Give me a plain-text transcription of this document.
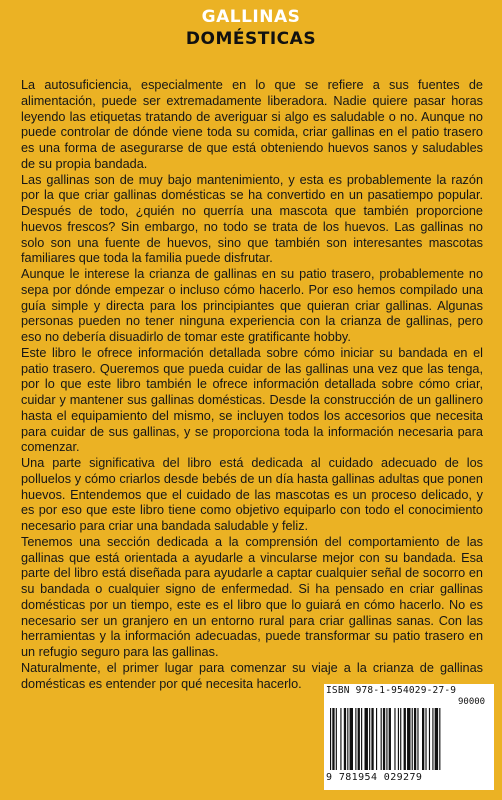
GALLINAS
DOMÉSTICAS

La autosuficiencia, especialmente en lo que se refiere a sus fuentes de alimentación, puede ser extremadamente liberadora. Nadie quiere pasar horas leyendo las etiquetas tratando de averiguar si algo es saludable o no. Aunque no puede controlar de dónde viene toda su comida, criar gallinas en el patio trasero es una forma de asegurarse de que está obteniendo huevos sanos y saludables de su propia bandada.

Las gallinas son de muy bajo mantenimiento, y esta es probablemente la razón por la que criar gallinas domésticas se ha convertido en un pasatiempo popular. Después de todo, ¿quién no querría una mascota que también proporcione huevos frescos? Sin embargo, no todo se trata de los huevos. Las gallinas no solo son una fuente de huevos, sino que también son interesantes mascotas familiares que toda la familia puede disfrutar.

Aunque le interese la crianza de gallinas en su patio trasero, probablemente no sepa por dónde empezar o incluso cómo hacerlo. Por eso hemos compilado una guía simple y directa para los principiantes que quieran criar gallinas. Algunas personas pueden no tener ninguna experiencia con la crianza de gallinas, pero eso no debería disuadirlo de tomar este gratificante hobby.

Este libro le ofrece información detallada sobre cómo iniciar su bandada en el patio trasero. Queremos que pueda cuidar de las gallinas una vez que las tenga, por lo que este libro también le ofrece información detallada sobre cómo criar, cuidar y mantener sus gallinas domésticas. Desde la construcción de un gallinero hasta el equipamiento del mismo, se incluyen todos los accesorios que necesita para cuidar de sus gallinas, y se proporciona toda la información necesaria para comenzar.

Una parte significativa del libro está dedicada al cuidado adecuado de los polluelos y cómo criarlos desde bebés de un día hasta gallinas adultas que ponen huevos. Entendemos que el cuidado de las mascotas es un proceso delicado, y es por eso que este libro tiene como objetivo equiparlo con todo el conocimiento necesario para criar una bandada saludable y feliz.

Tenemos una sección dedicada a la comprensión del comportamiento de las gallinas que está orientada a ayudarle a vincularse mejor con su bandada. Esa parte del libro está diseñada para ayudarle a captar cualquier señal de socorro en su bandada o cualquier signo de enfermedad. Si ha pensado en criar gallinas domésticas por un tiempo, este es el libro que lo guiará en cómo hacerlo. No es necesario ser un granjero en un entorno rural para criar gallinas sanas. Con las herramientas y la información adecuadas, puede transformar su patio trasero en un refugio seguro para las gallinas.

Naturalmente, el primer lugar para comenzar su viaje a la crianza de gallinas domésticas es entender por qué necesita hacerlo.	ISBN 978-1-954029-27-9
90000
9 781954 029279
